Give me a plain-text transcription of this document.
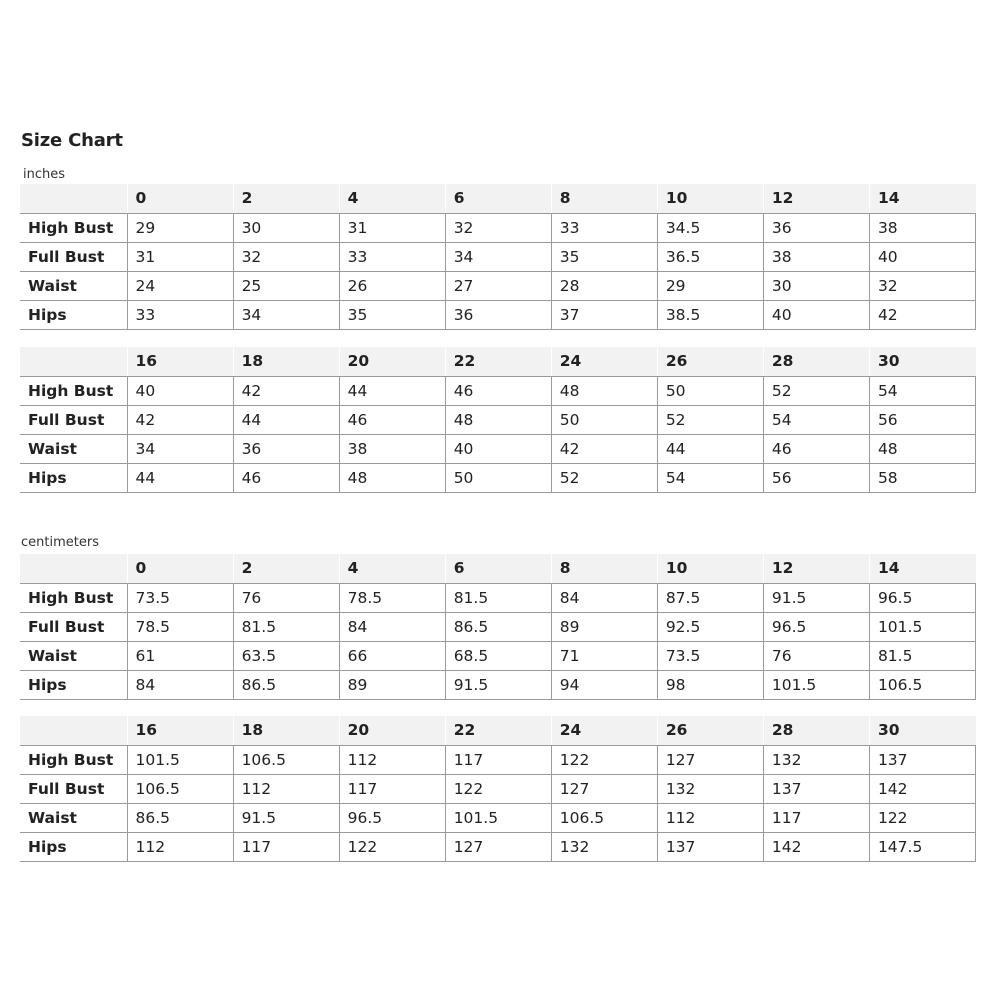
Size Chart
inches
	0	2	4	6	8	10	12	14
High Bust	29	30	31	32	33	34.5	36	38
Full Bust	31	32	33	34	35	36.5	38	40
Waist	24	25	26	27	28	29	30	32
Hips	33	34	35	36	37	38.5	40	42
	16	18	20	22	24	26	28	30
High Bust	40	42	44	46	48	50	52	54
Full Bust	42	44	46	48	50	52	54	56
Waist	34	36	38	40	42	44	46	48
Hips	44	46	48	50	52	54	56	58
centimeters
	0	2	4	6	8	10	12	14
High Bust	73.5	76	78.5	81.5	84	87.5	91.5	96.5
Full Bust	78.5	81.5	84	86.5	89	92.5	96.5	101.5
Waist	61	63.5	66	68.5	71	73.5	76	81.5
Hips	84	86.5	89	91.5	94	98	101.5	106.5
	16	18	20	22	24	26	28	30
High Bust	101.5	106.5	112	117	122	127	132	137
Full Bust	106.5	112	117	122	127	132	137	142
Waist	86.5	91.5	96.5	101.5	106.5	112	117	122
Hips	112	117	122	127	132	137	142	147.5
